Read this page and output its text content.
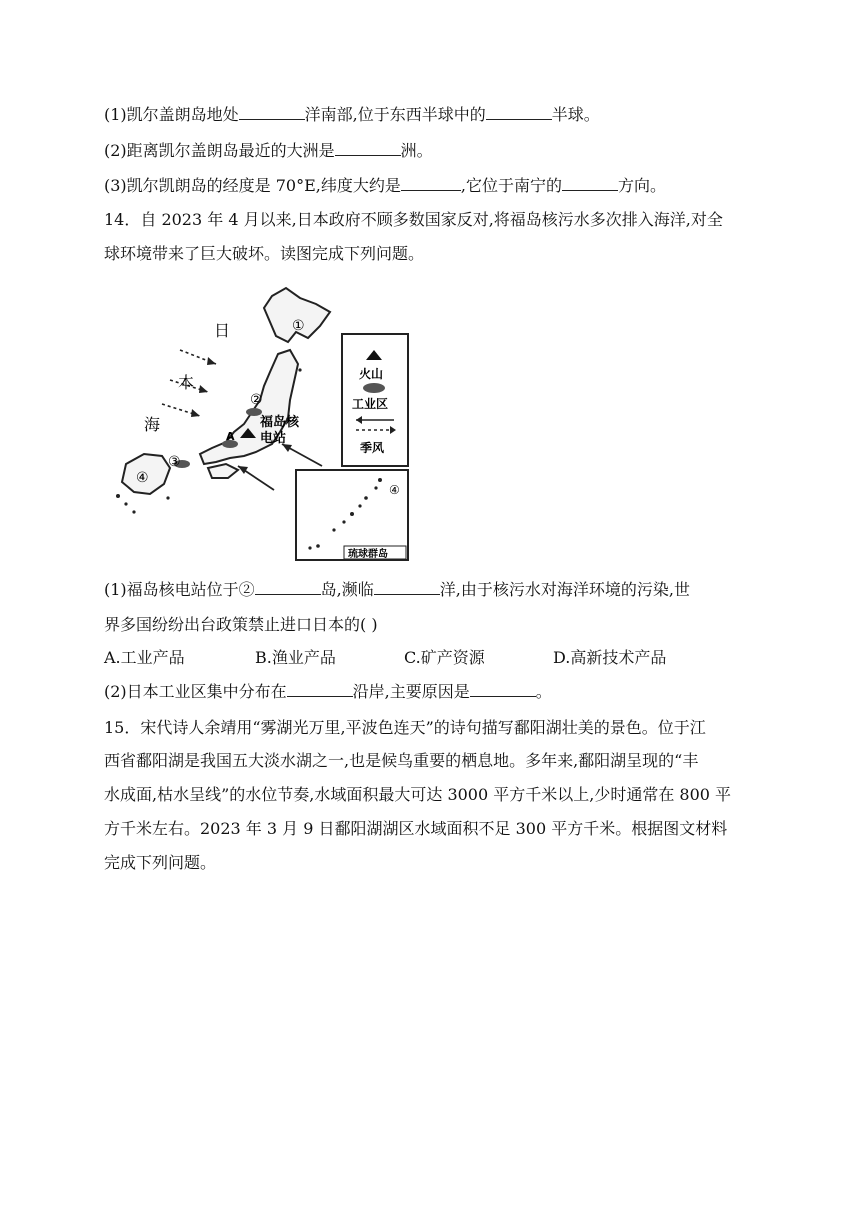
(1)凯尔盖朗岛地处	洋南部,位于东西半球中的	半球。
(2)距离凯尔盖朗岛最近的大洲是	洲。
(3)凯尔凯朗岛的经度是 70°E,纬度大约是	,它位于南宁的	方向。
14．自 2023 年 4 月以来,日本政府不顾多数国家反对,将福岛核污水多次排入海洋,对全
球环境带来了巨大破坏。读图完成下列问题。
①
②
③
④
A
日
本
海	福岛核
电站
火山
工业区
季风
④
琉球群岛
(1)福岛核电站位于②	岛,濒临	洋,由于核污水对海洋环境的污染,世
界多国纷纷出台政策禁止进口日本的( )
A.工业产品	B.渔业产品	C.矿产资源	D.高新技术产品
(2)日本工业区集中分布在	沿岸,主要原因是	。
15．宋代诗人余靖用“雾湖光万里,平波色连天”的诗句描写鄱阳湖壮美的景色。位于江
西省鄱阳湖是我国五大淡水湖之一,也是候鸟重要的栖息地。多年来,鄱阳湖呈现的“丰
水成面,枯水呈线”的水位节奏,水域面积最大可达 3000 平方千米以上,少时通常在 800 平
方千米左右。2023 年 3 月 9 日鄱阳湖湖区水域面积不足 300 平方千米。根据图文材料
完成下列问题。
